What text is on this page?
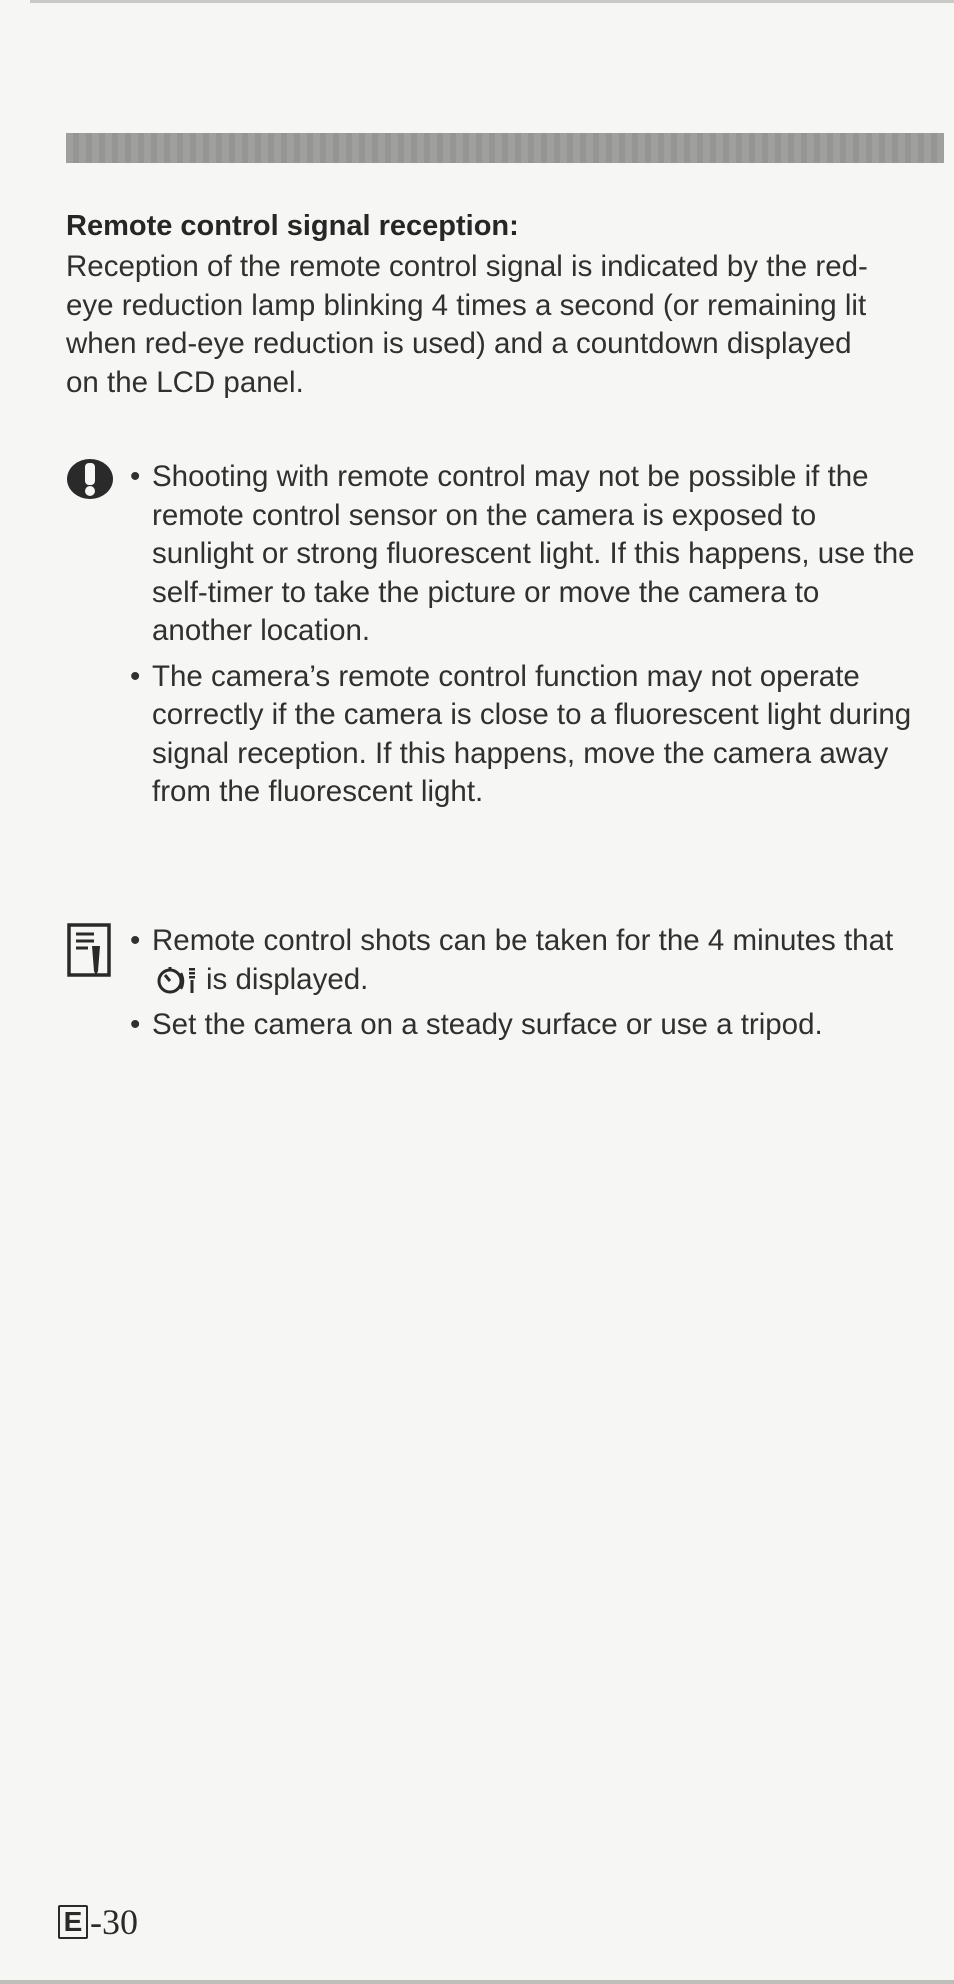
Remote control signal reception:
Reception of the remote control signal is indicated by the red-eye reduction lamp blinking 4 times a second (or remaining lit when red-eye reduction is used) and a countdown displayed on the LCD panel.
• Shooting with remote control may not be possible if the remote control sensor on the camera is exposed to sunlight or strong fluorescent light. If this happens, use the self-timer to take the picture or move the camera to another location.
• The camera’s remote control function may not operate correctly if the camera is close to a fluorescent light during signal reception. If this happens, move the camera away from the fluorescent light.
• Remote control shots can be taken for the 4 minutes thatis displayed.
• Set the camera on a steady surface or use a tripod.
E -30
